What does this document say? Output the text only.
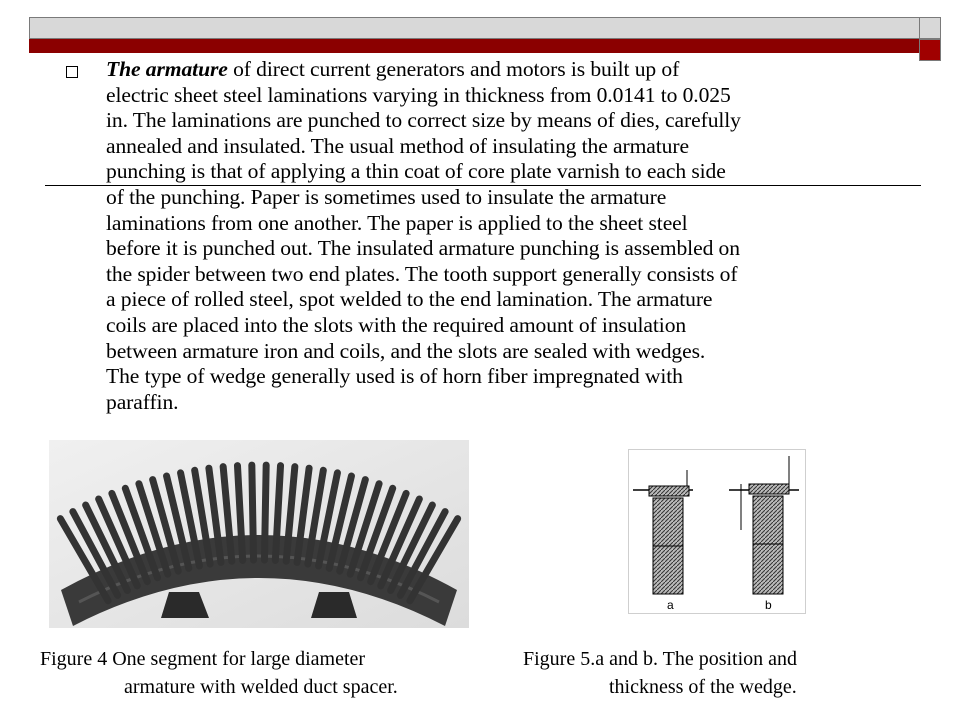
The armature of direct current generators and motors is built up of
electric sheet steel laminations varying in thickness from 0.0141 to 0.025
in. The laminations are punched to correct size by means of dies, carefully
annealed and insulated. The usual method of insulating the armature
punching is that of applying a thin coat of core plate varnish to each side
of the punching. Paper is sometimes used to insulate the armature
laminations from one another. The paper is applied to the sheet steel
before it is punched out. The insulated armature punching is assembled on
the spider between two end plates. The tooth support generally consists of
a piece of rolled steel, spot welded to the end lamination. The armature
coils are placed into the slots with the required amount of insulation
between armature iron and coils, and the slots are sealed with wedges.
The type of wedge generally used is of horn fiber impregnated with
paraffin.
Figure 4 One segment for large diameter
armature with welded duct spacer.
a	b
Figure 5.a and b. The position and
thickness of the wedge.
